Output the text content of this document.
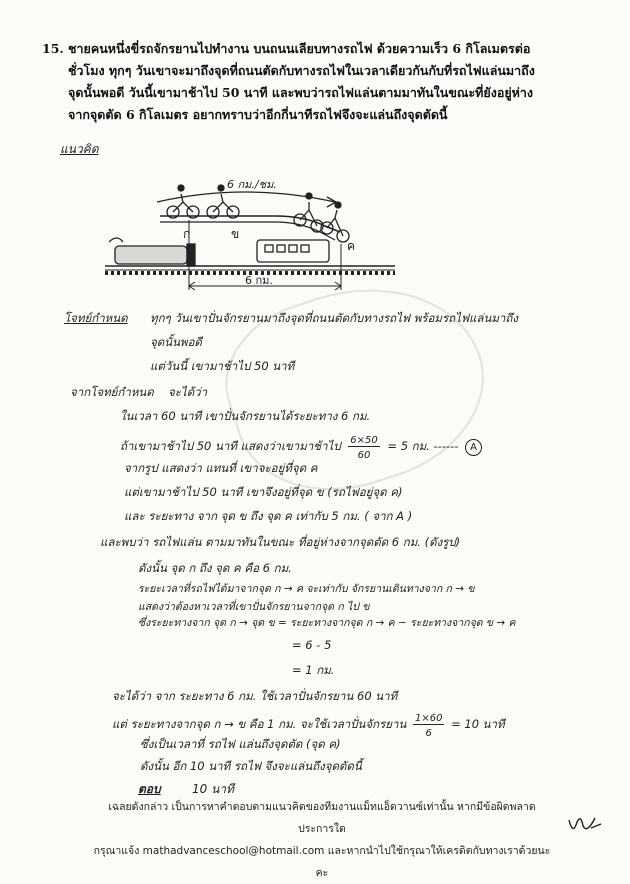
15. ชายคนหนึ่งขี่รถจักรยานไปทำงาน บนถนนเลียบทางรถไฟ ด้วยความเร็ว 6 กิโลเมตรต่อ
ชั่วโมง ทุกๆ วันเขาจะมาถึงจุดที่ถนนตัดกับทางรถไฟในเวลาเดียวกันกับที่รถไฟแล่นมาถึง
จุดนั้นพอดี วันนี้เขามาช้าไป 50 นาที และพบว่ารถไฟแล่นตามมาทันในขณะที่ยังอยู่ห่าง
จากจุดตัด 6 กิโลเมตร อยากทราบว่าอีกกี่นาทีรถไฟจึงจะแล่นถึงจุดตัดนี้
แนวคิด
6 กม./ชม.
ก	ข
ค
6 กม.
โจทย์กำหนด ทุกๆ วันเขาปั่นจักรยานมาถึงจุดที่ถนนตัดกับทางรถไฟ พร้อมรถไฟแล่นมาถึง
จุดนั้นพอดี
แต่วันนี้ เขามาช้าไป 50 นาที
จากโจทย์กำหนด จะได้ว่า
ในเวลา 60 นาที เขาปั่นจักรยานได้ระยะทาง 6 กม.
ถ้าเขามาช้าไป 50 นาที แสดงว่าเขามาช้าไป $\frac{6\times 50}{60} = 5$ กม. ------ A
จากรูป แสดงว่า แทนที่ เขาจะอยู่ที่จุด ค
แต่เขามาช้าไป 50 นาที เขาจึงอยู่ที่จุด ข (รถไฟอยู่จุด ค)
และ ระยะทาง จาก จุด ข ถึง จุด ค เท่ากับ 5 กม. ( จาก A )
และพบว่า รถไฟแล่น ตามมาทันในขณะ ที่อยู่ห่างจากจุดตัด 6 กม. (ดังรูป)
ดังนั้น จุด ก ถึง จุด ค คือ 6 กม.
ระยะเวลาที่รถไฟได้มาจากจุด ก → ค จะเท่ากับ จักรยานเดินทางจาก ก → ข
แสดงว่าต้องหาเวลาที่เขาปั่นจักรยานจากจุด ก ไป ข
ซึ่งระยะทางจาก จุด ก → จุด ข = ระยะทางจากจุด ก → ค − ระยะทางจากจุด ข → ค
= 6 - 5
= 1 กม.
จะได้ว่า จาก ระยะทาง 6 กม. ใช้เวลาปั่นจักรยาน 60 นาที
แต่ ระยะทางจากจุด ก → ข คือ 1 กม. จะใช้เวลาปั่นจักรยาน $\frac{1\times 60}{6} = 10$ นาที
ซึ่งเป็นเวลาที่ รถไฟ แล่นถึงจุดตัด (จุด ค)
ดังนั้น อีก 10 นาที รถไฟ จึงจะแล่นถึงจุดตัดนี้
ตอบ	10 นาที
เฉลยดังกล่าว เป็นการหาคำตอบตามแนวคิดของทีมงานแม็ทแอ็ดวานซ์เท่านั้น หากมีข้อผิดพลาดประการใด
กรุณาแจ้ง mathadvanceschool@hotmail.com และหากนำไปใช้กรุณาให้เครดิตกับทางเราด้วยนะคะ
